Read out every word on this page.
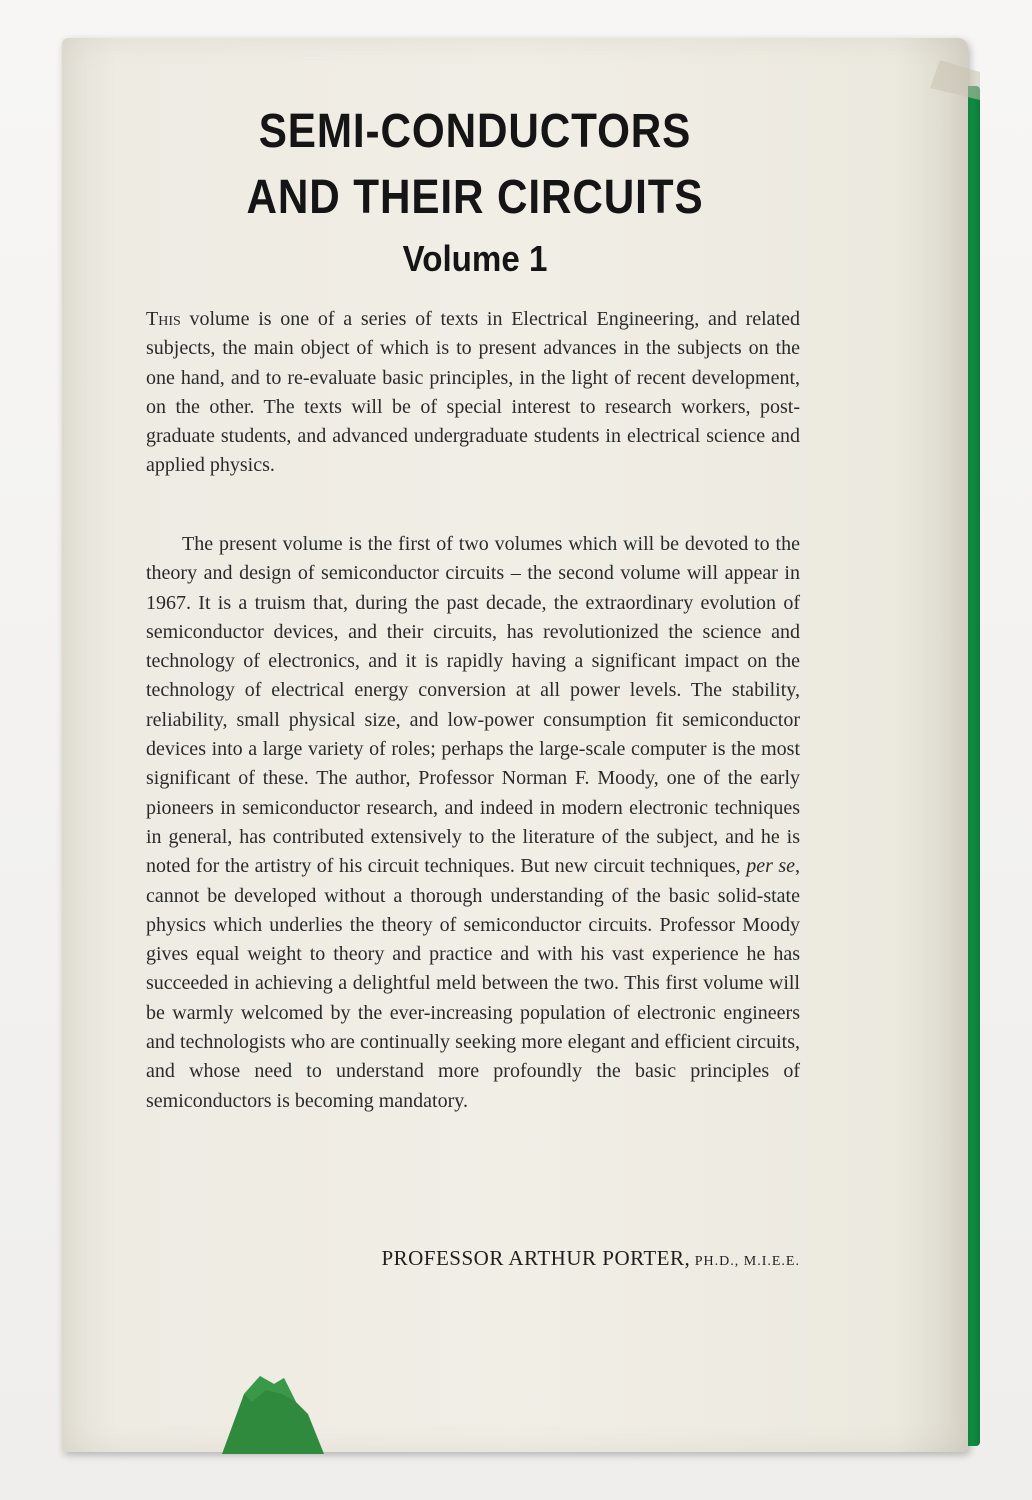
SEMI-CONDUCTORS
AND THEIR CIRCUITS
Volume 1

This volume is one of a series of texts in Electrical Engineering, and related subjects, the main object of which is to present advances in the subjects on the one hand, and to re-evaluate basic principles, in the light of recent development, on the other. The texts will be of special interest to research workers, post-graduate students, and advanced undergraduate students in electrical science and applied physics.

The present volume is the first of two volumes which will be devoted to the theory and design of semiconductor circuits – the second volume will appear in 1967. It is a truism that, during the past decade, the extraordinary evolution of semiconductor devices, and their circuits, has revolutionized the science and technology of electronics, and it is rapidly having a significant impact on the technology of electrical energy conversion at all power levels. The stability, reliability, small physical size, and low-power consumption fit semiconductor devices into a large variety of roles; perhaps the large-scale computer is the most significant of these. The author, Professor Norman F. Moody, one of the early pioneers in semiconductor research, and indeed in modern electronic techniques in general, has contributed extensively to the literature of the subject, and he is noted for the artistry of his circuit techniques. But new circuit techniques, per se, cannot be developed without a thorough understanding of the basic solid-state physics which underlies the theory of semiconductor circuits. Professor Moody gives equal weight to theory and practice and with his vast experience he has succeeded in achieving a delightful meld between the two. This first volume will be warmly welcomed by the ever-increasing population of electronic engineers and technologists who are continually seeking more elegant and efficient circuits, and whose need to understand more profoundly the basic principles of semiconductors is becoming mandatory.

PROFESSOR ARTHUR PORTER, PH.D., M.I.E.E.
